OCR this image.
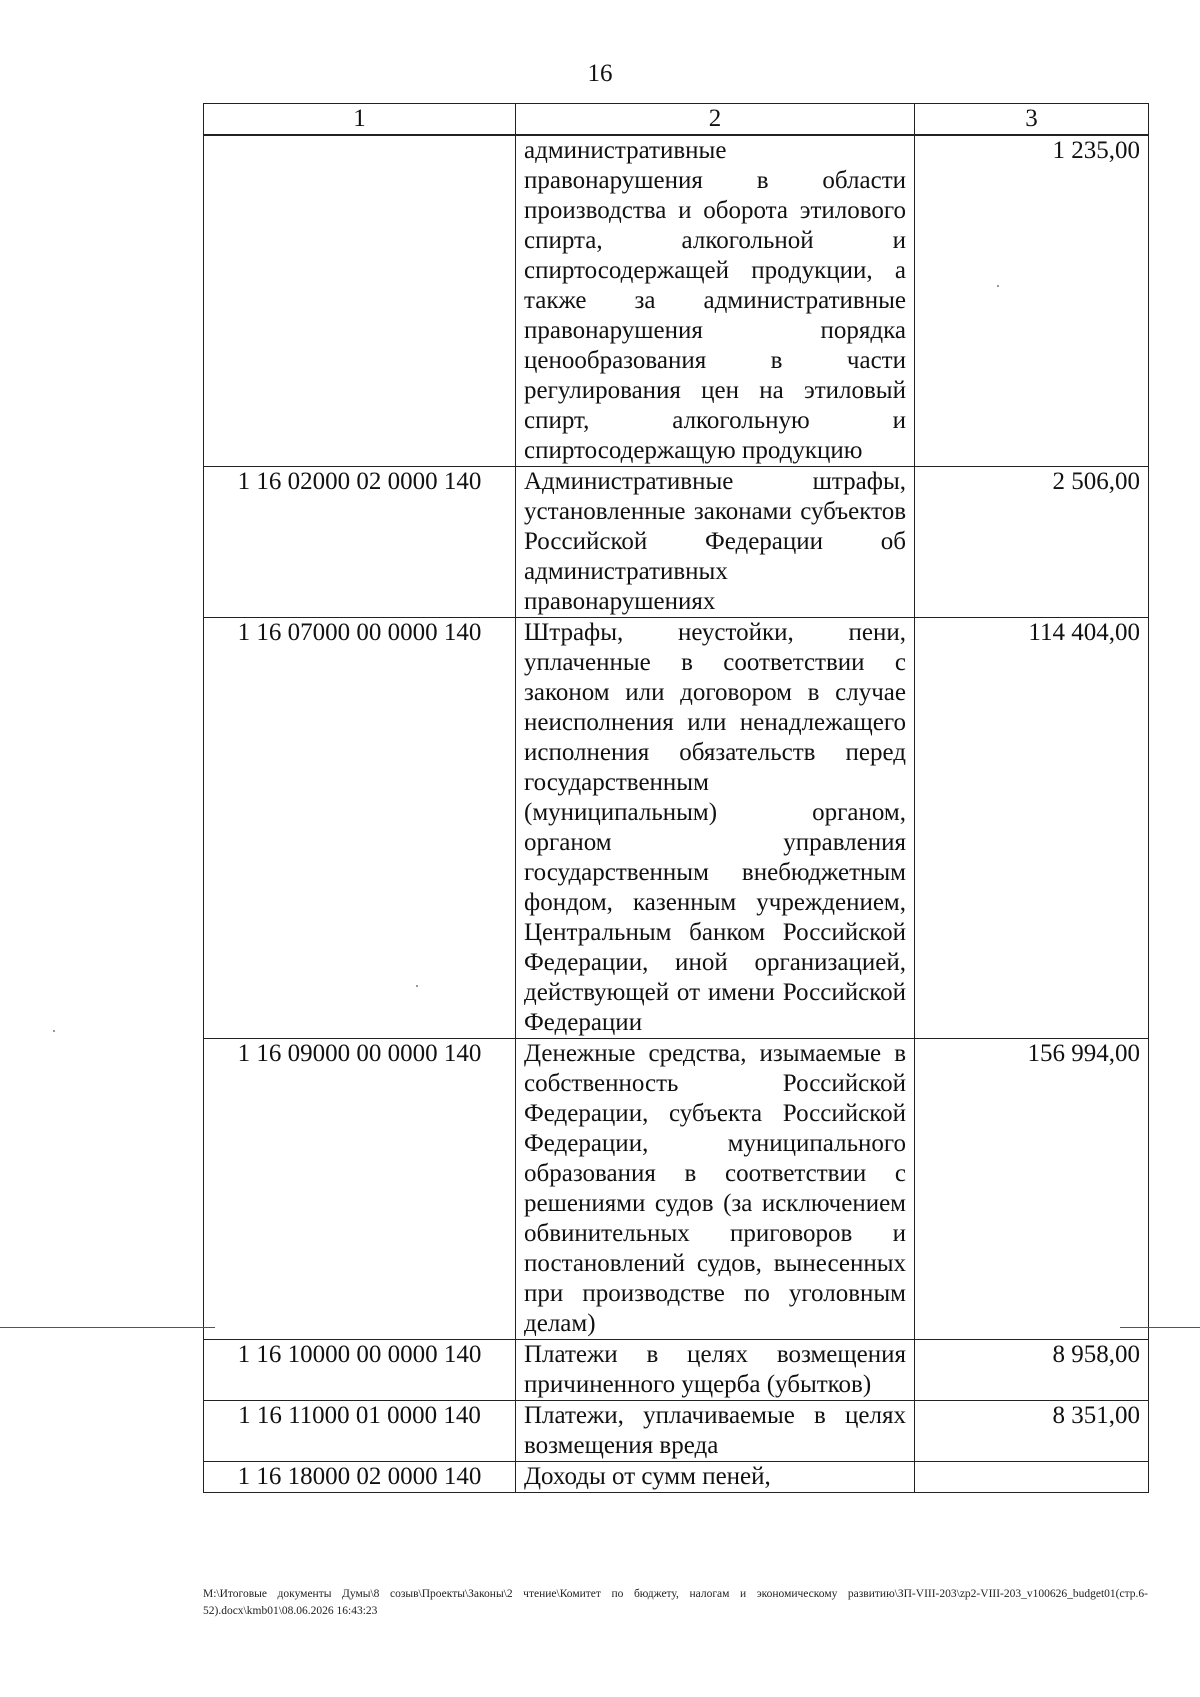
16
1	2	3
	административные правонарушения в области производства и оборота этилового спирта, алкогольной и спиртосодержащей продукции, а также за административные правонарушения порядка ценообразования в части регулирования цен на этиловый спирт, алкогольную и спиртосодержащую продукцию	1 235,00
1 16 02000 02 0000 140	Административные штрафы, установленные законами субъектов Российской Федерации об административных правонарушениях	2 506,00
1 16 07000 00 0000 140	Штрафы, неустойки, пени, уплаченные в соответствии с законом или договором в случае неисполнения или ненадлежащего исполнения обязательств перед государственным (муниципальным) органом, органом управления государственным внебюджетным фондом, казенным учреждением, Центральным банком Российской Федерации, иной организацией, действующей от имени Российской Федерации	114 404,00
1 16 09000 00 0000 140	Денежные средства, изымаемые в собственность Российской Федерации, субъекта Российской Федерации, муниципального образования в соответствии с решениями судов (за исключением обвинительных приговоров и постановлений судов, вынесенных при производстве по уголовным делам)	156 994,00
1 16 10000 00 0000 140	Платежи в целях возмещения причиненного ущерба (убытков)	8 958,00
1 16 11000 01 0000 140	Платежи, уплачиваемые в целях возмещения вреда	8 351,00
1 16 18000 02 0000 140	Доходы от сумм пеней,	
M:\Итоговые документы Думы\8 созыв\Проекты\Законы\2 чтение\Комитет по бюджету, налогам и экономическому развитию\ЗП-VIII-203\zp2-VIII-203_v100626_budget01(стр.6-52).docx\kmb01\08.06.2026 16:43:23
